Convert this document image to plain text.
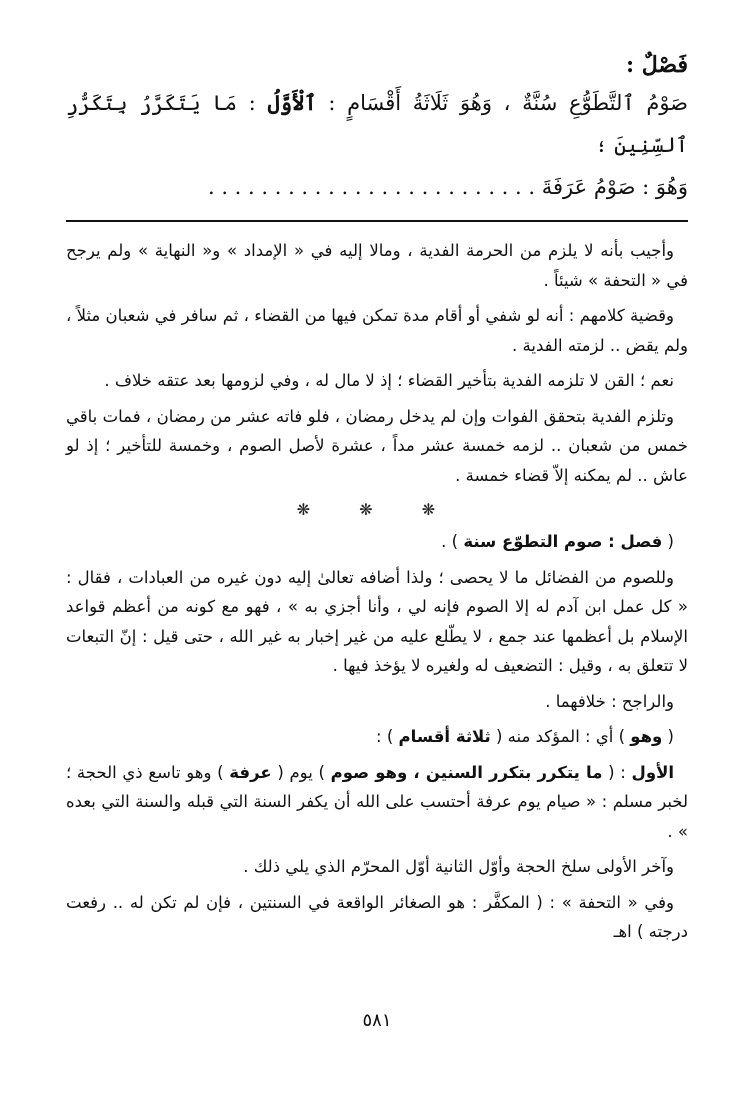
فَصْلٌ :

صَوْمُ ٱلتَّطَوُّعِ سُنَّةٌ ، وَهُوَ ثَلَاثَةُ أَقْسَامٍ : ٱلْأَوَّلُ : مَا يَتَكَرَّرُ بِتَكَرُّرِ ٱلسِّنِينَ ؛

وَهُوَ : صَوْمُ عَرَفَةَ . . . . . . . . . . . . . . . . . . . . . . . . .

وأجيب بأنه لا يلزم من الحرمة الفدية ، ومالا إليه في « الإمداد » و« النهاية » ولم يرجح في « التحفة » شيئاً .

وقضية كلامهم : أنه لو شفي أو أقام مدة تمكن فيها من القضاء ، ثم سافر في شعبان مثلاً ، ولم يقض .. لزمته الفدية .

نعم ؛ القن لا تلزمه الفدية بتأخير القضاء ؛ إذ لا مال له ، وفي لزومها بعد عتقه خلاف .

وتلزم الفدية بتحقق الفوات وإن لم يدخل رمضان ، فلو فاته عشر من رمضان ، فمات باقي خمس من شعبان .. لزمه خمسة عشر مداً ، عشرة لأصل الصوم ، وخمسة للتأخير ؛ إذ لو عاش .. لم يمكنه إلاّ قضاء خمسة .

❋ ❋ ❋

( فصل : صوم التطوّع سنة ) .

وللصوم من الفضائل ما لا يحصى ؛ ولذا أضافه تعالىٰ إليه دون غيره من العبادات ، فقال : « كل عمل ابن آدم له إلا الصوم فإنه لي ، وأنا أجزي به » ، فهو مع كونه من أعظم قواعد الإسلام بل أعظمها عند جمع ، لا يطّلع عليه من غير إخبار به غير الله ، حتى قيل : إنّ التبعات لا تتعلق به ، وقيل : التضعيف له ولغيره لا يؤخذ فيها .

والراجح : خلافهما .

( وهو ) أي : المؤكد منه ( ثلاثة أقسام ) :

الأول : ( ما يتكرر بتكرر السنين ، وهو صوم ) يوم ( عرفة ) وهو تاسع ذي الحجة ؛ لخبر مسلم : « صيام يوم عرفة أحتسب على الله أن يكفر السنة التي قبله والسنة التي بعده » .

وآخر الأولى سلخ الحجة وأوّل الثانية أوّل المحرّم الذي يلي ذلك .

وفي « التحفة » : ( المكفَّر : هو الصغائر الواقعة في السنتين ، فإن لم تكن له .. رفعت درجته ) اهـ

٥٨١
